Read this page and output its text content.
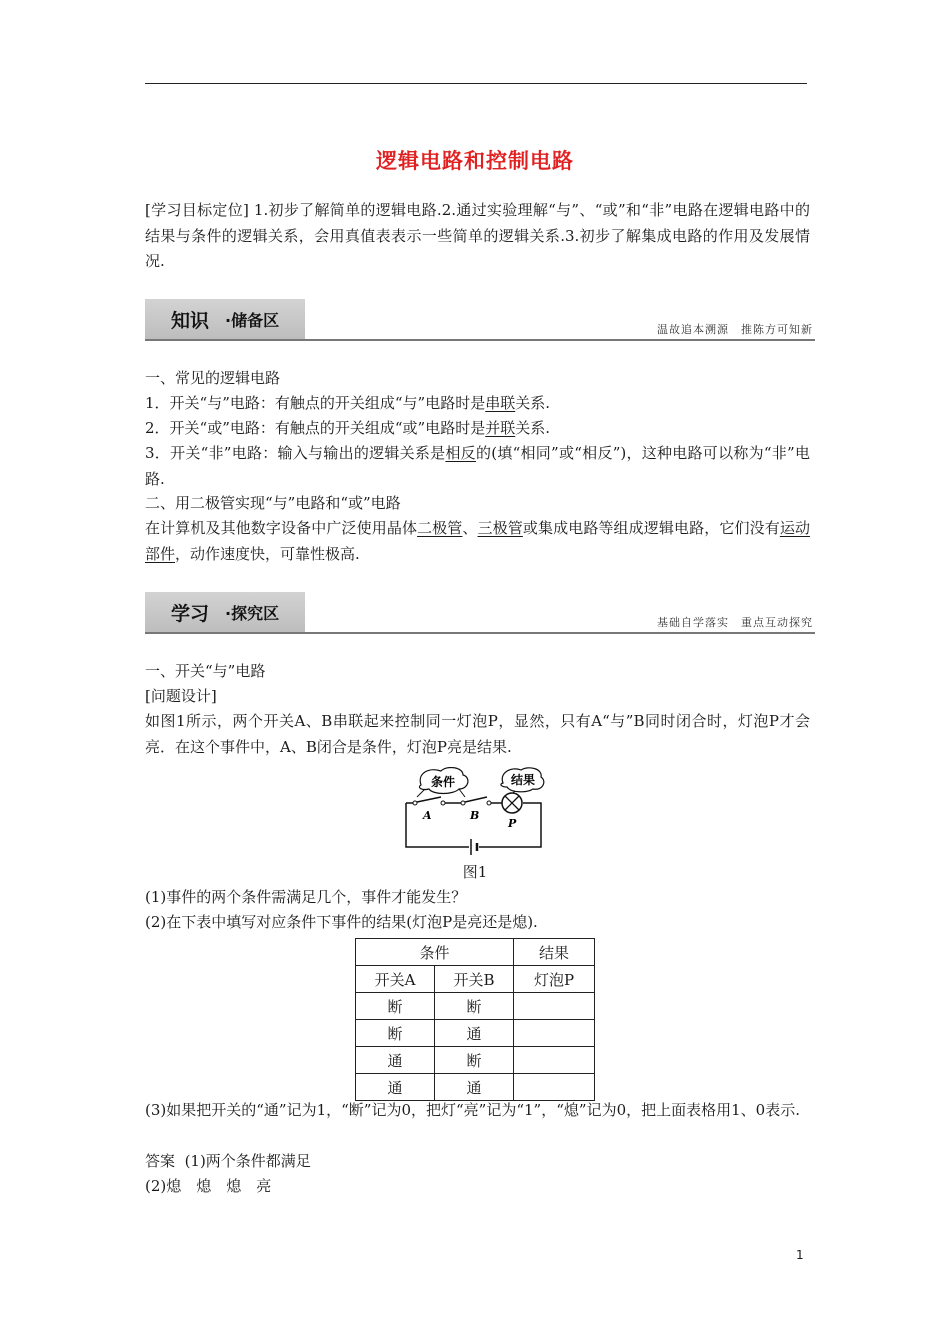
逻辑电路和控制电路
[学习目标定位] 1.初步了解简单的逻辑电路.2.通过实验理解“与”、“或”和“非”电路在逻辑电路中的结果与条件的逻辑关系，会用真值表表示一些简单的逻辑关系.3.初步了解集成电路的作用及发展情况.
知识 ·储备区	温故追本溯源　推陈方可知新
一、常见的逻辑电路
1．开关“与”电路：有触点的开关组成“与”电路时是串联关系.
2．开关“或”电路：有触点的开关组成“或”电路时是并联关系.
3．开关“非”电路：输入与输出的逻辑关系是相反的(填“相同”或“相反”)，这种电路可以称为“非”电路.
二、用二极管实现“与”电路和“或”电路
在计算机及其他数字设备中广泛使用晶体二极管、三极管或集成电路等组成逻辑电路，它们没有运动部件，动作速度快，可靠性极高.
学习 ·探究区	基础自学落实　重点互动探究
一、开关“与”电路
[问题设计]
如图1所示，两个开关A、B串联起来控制同一灯泡P，显然，只有A“与”B同时闭合时，灯泡P才会亮．在这个事件中，A、B闭合是条件，灯泡P亮是结果.
条件	结果
A	B
P
图1
(1)事件的两个条件需满足几个，事件才能发生？
(2)在下表中填写对应条件下事件的结果(灯泡P是亮还是熄).
条件		结果
开关A	开关B	灯泡P
断	断	
断	通	
通	断	
通	通	
(3)如果把开关的“通”记为1，“断”记为0，把灯“亮”记为“1”，“熄”记为0，把上面表格用1、0表示.
答案 (1)两个条件都满足
(2)熄　熄　熄　亮
1
